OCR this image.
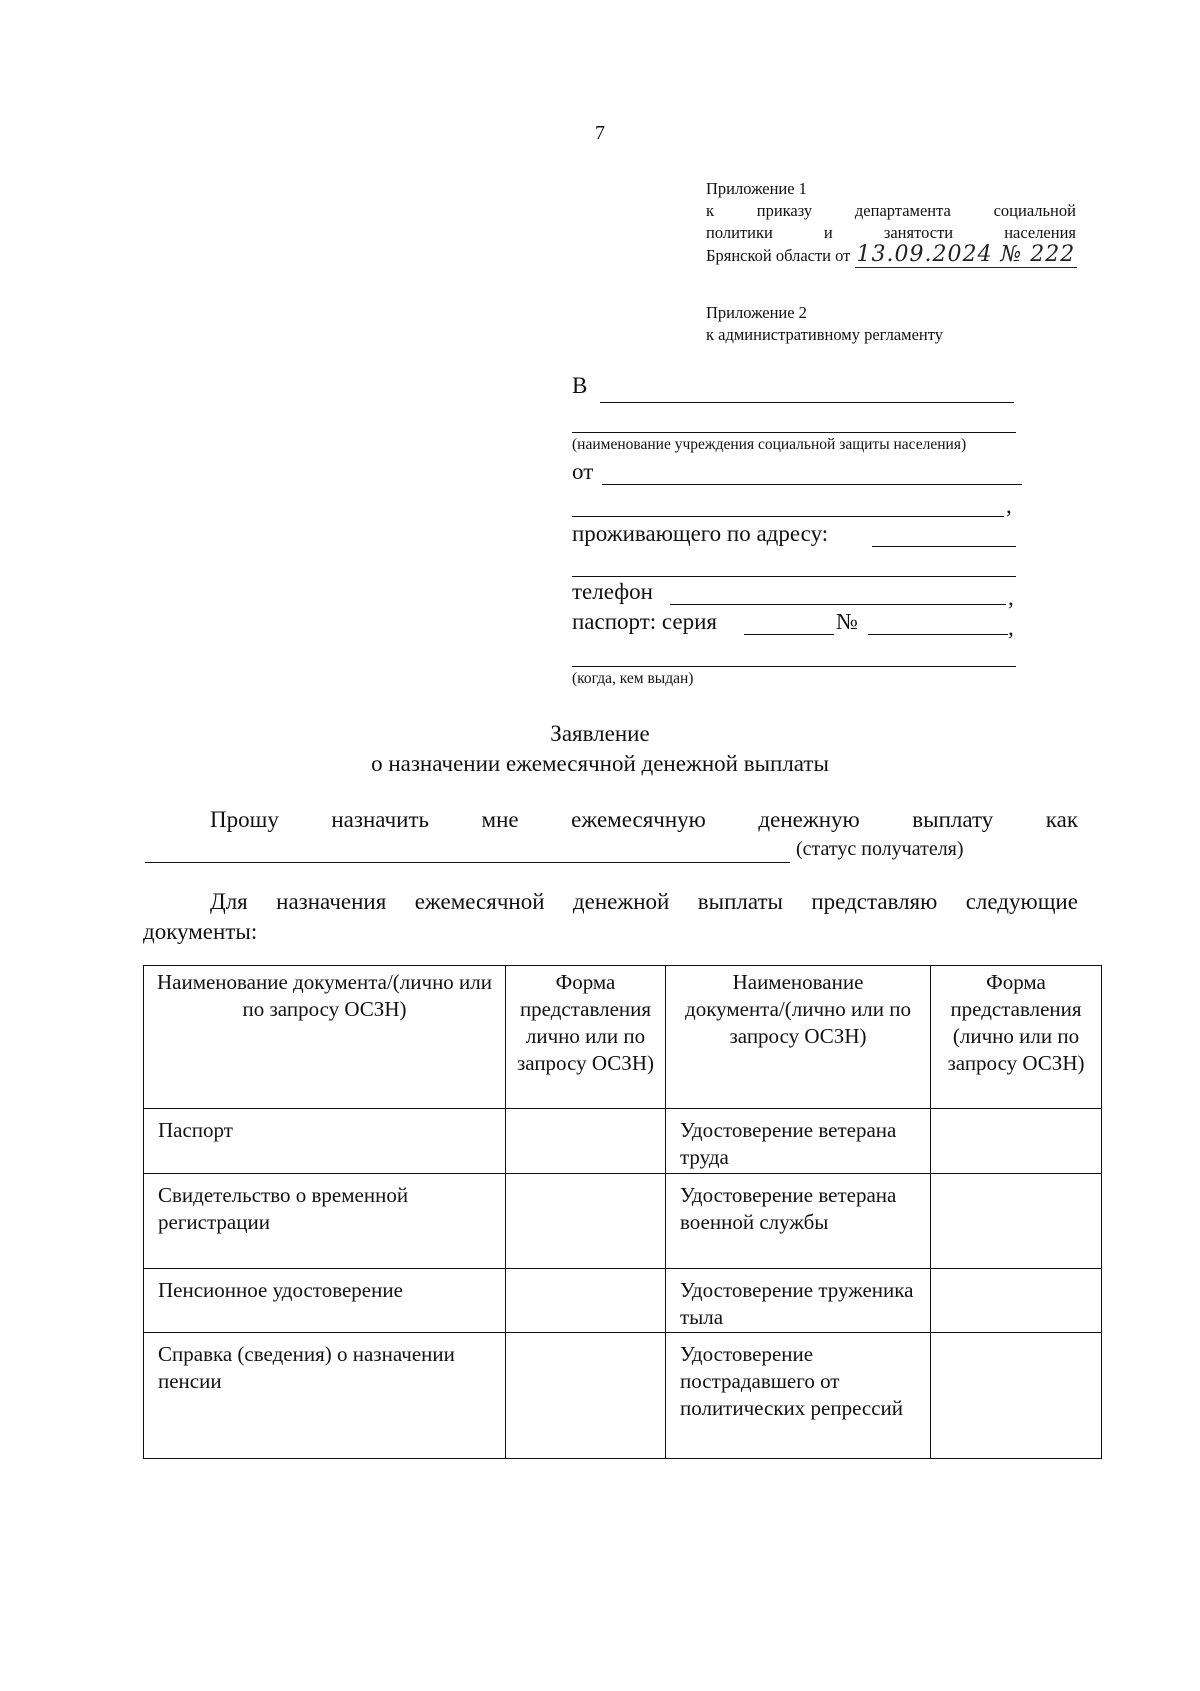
7
Приложение 1
к	приказу	департамента	социальной
политики	и	занятости	населения
Брянской области от 13.09.2024 № 222
Приложение 2
к административному регламенту
В
(наименование учреждения социальной защиты населения)
от
,
проживающего по адресу:
телефон	,
паспорт: серия	№	,
(когда, кем выдан)
Заявление
о назначении ежемесячной денежной выплаты
Прошу назначить мне ежемесячную денежную выплату как
(статус получателя)
Для назначения ежемесячной денежной выплаты представляю следующие
документы:
Наименование документа/(лично или по запросу ОСЗН)	Форма представления лично или по запросу ОСЗН)	Наименование документа/(лично или по запросу ОСЗН)	Форма представления (лично или по запросу ОСЗН)
Паспорт		Удостоверение ветерана труда	
Свидетельство о временной регистрации		Удостоверение ветерана военной службы	
Пенсионное удостоверение		Удостоверение труженика тыла	
Справка (сведения) о назначении пенсии		Удостоверение пострадавшего от политических репрессий	
